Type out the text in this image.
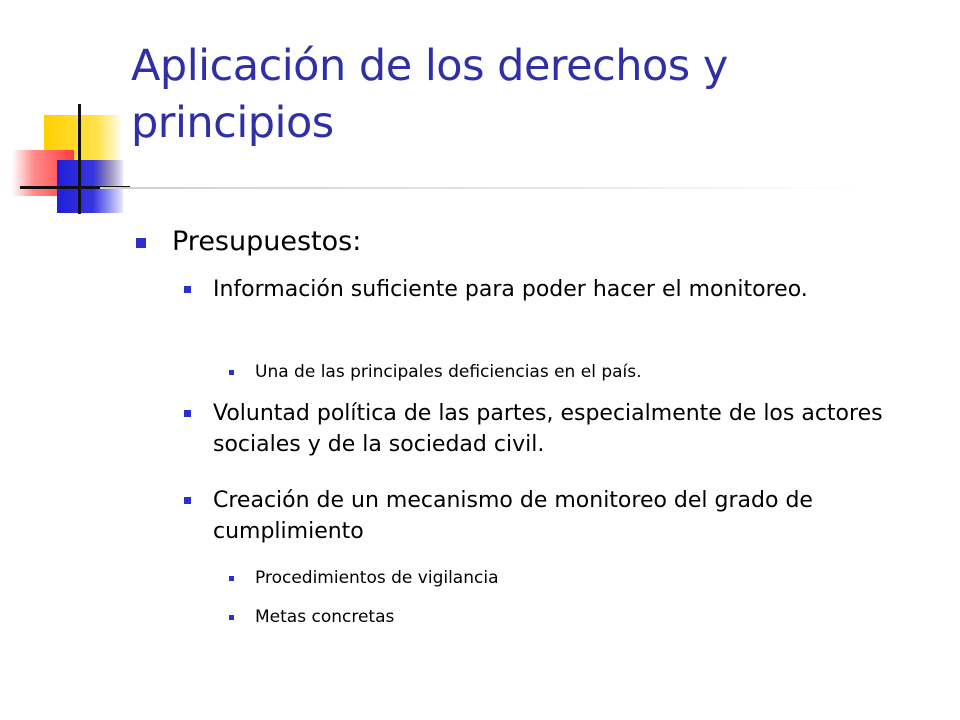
Aplicación de los derechos y principios
Presupuestos:
Información suficiente para poder hacer el monitoreo.
Una de las principales deficiencias en el país.
Voluntad política de las partes, especialmente de los actores sociales y de la sociedad civil.
Creación de un mecanismo de monitoreo del grado de cumplimiento
Procedimientos de vigilancia
Metas concretas
